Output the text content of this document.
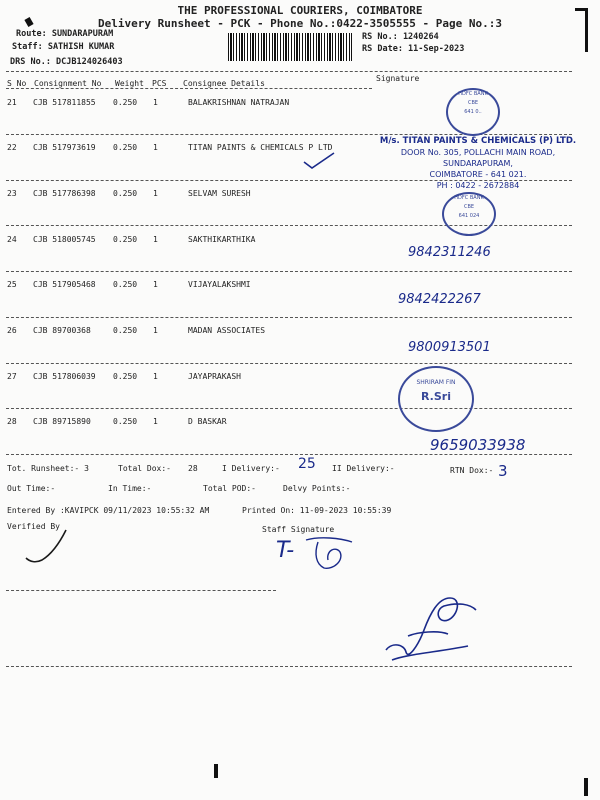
THE PROFESSIONAL COURIERS, COIMBATORE
Delivery Runsheet - PCK - Phone No.:0422-3505555 - Page No.:3
Route: SUNDARAPURAM
Staff: SATHISH KUMAR
DRS No.: DCJB124026403
RS No.: 1240264
RS Date: 11-Sep-2023
S No Consignment No Weight PCS Consignee Details
Signature
21 CJB 517811855 0.250 1	BALAKRISHNAN NATRAJAN
22 CJB 517973619 0.250 1	TITAN PAINTS & CHEMICALS P LTD
23 CJB 517786398 0.250 1	SELVAM SURESH
24 CJB 518005745 0.250 1	SAKTHIKARTHIKA
25 CJB 517905468 0.250 1	VIJAYALAKSHMI
26 CJB 89700368	0.250 1	MADAN ASSOCIATES
27 CJB 517806039 0.250 1	JAYAPRAKASH
28 CJB 89715890	0.250 1	D BASKAR
HDFC BANK
CBE
641 0..
M/s. TITAN PAINTS & CHEMICALS (P) LTD.
DOOR No. 305, POLLACHI MAIN ROAD,
SUNDARAPURAM,
COIMBATORE - 641 021.
PH : 0422 - 2672884
HDFC BANK
CBE
641 024
SHRIRAM FIN
R.Sri
9842311246
9842422267
9800913501
9659033938
Tot. Runsheet:- 3	Total Dox:- 28	I Delivery:- 25 II Delivery:-	RTN Dox:- 3
Out Time:-	In Time:-	Total POD:-	Delvy Points:-
Entered By :KAVIPCK 09/11/2023 10:55:32 AM	Printed On: 11-09-2023 10:55:39
Verified By	Staff Signature
T-
